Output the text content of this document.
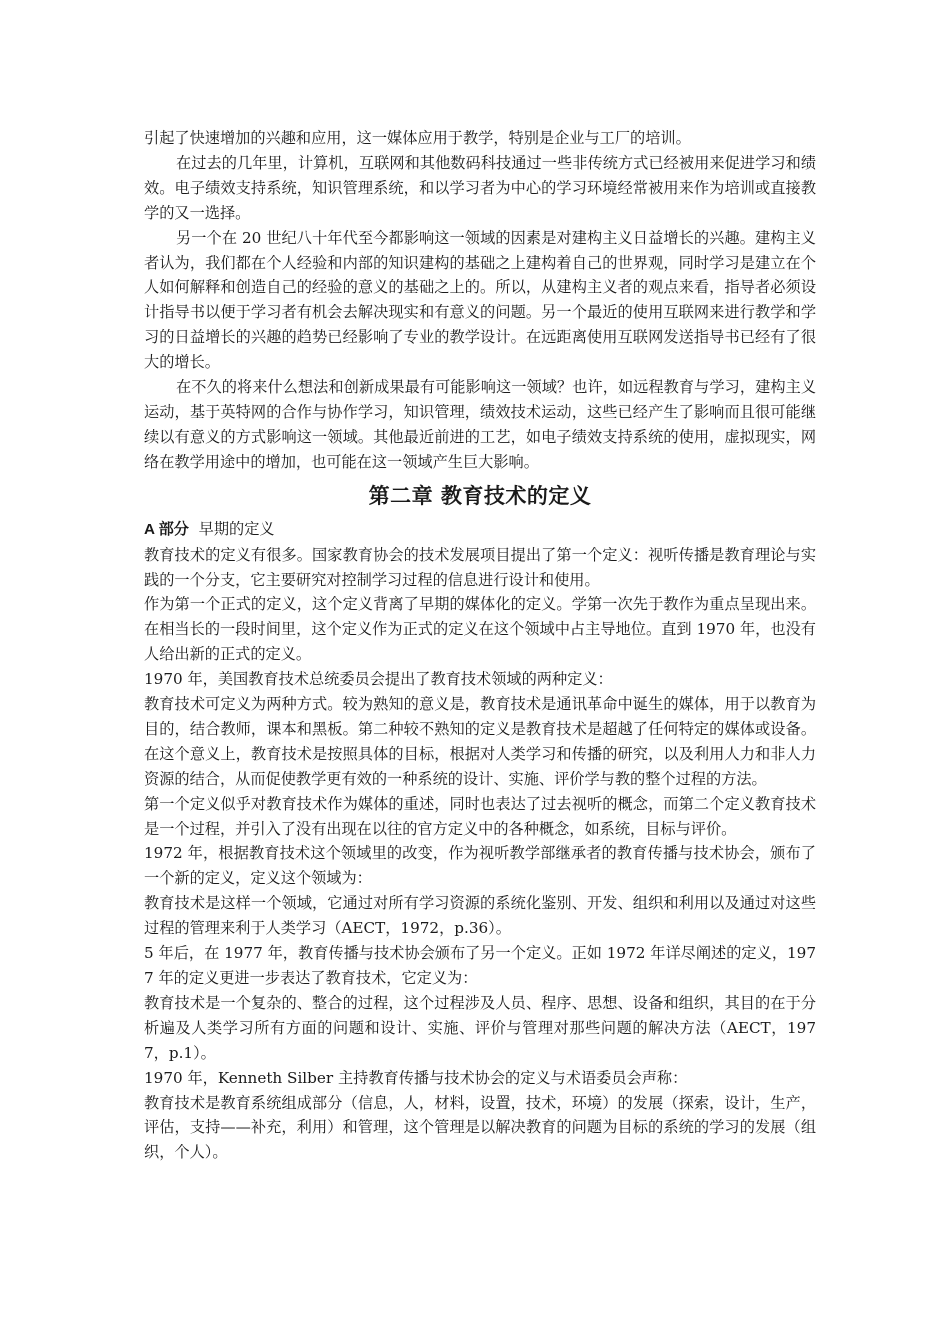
引起了快速增加的兴趣和应用，这一媒体应用于教学，特别是企业与工厂的培训。

在过去的几年里，计算机，互联网和其他数码科技通过一些非传统方式已经被用来促进学习和绩效。电子绩效支持系统，知识管理系统，和以学习者为中心的学习环境经常被用来作为培训或直接教学的又一选择。

另一个在 20 世纪八十年代至今都影响这一领域的因素是对建构主义日益增长的兴趣。建构主义者认为，我们都在个人经验和内部的知识建构的基础之上建构着自己的世界观，同时学习是建立在个人如何解释和创造自己的经验的意义的基础之上的。所以，从建构主义者的观点来看，指导者必须设计指导书以便于学习者有机会去解决现实和有意义的问题。另一个最近的使用互联网来进行教学和学习的日益增长的兴趣的趋势已经影响了专业的教学设计。在远距离使用互联网发送指导书已经有了很大的增长。

在不久的将来什么想法和创新成果最有可能影响这一领域？也许，如远程教育与学习，建构主义运动，基于英特网的合作与协作学习，知识管理，绩效技术运动，这些已经产生了影响而且很可能继续以有意义的方式影响这一领域。其他最近前进的工艺，如电子绩效支持系统的使用，虚拟现实，网络在教学用途中的增加，也可能在这一领域产生巨大影响。

第二章 教育技术的定义

A 部分 早期的定义

教育技术的定义有很多。国家教育协会的技术发展项目提出了第一个定义：视听传播是教育理论与实践的一个分支，它主要研究对控制学习过程的信息进行设计和使用。

作为第一个正式的定义，这个定义背离了早期的媒体化的定义。学第一次先于教作为重点呈现出来。在相当长的一段时间里，这个定义作为正式的定义在这个领域中占主导地位。直到 1970 年，也没有人给出新的正式的定义。

1970 年，美国教育技术总统委员会提出了教育技术领域的两种定义：

教育技术可定义为两种方式。较为熟知的意义是，教育技术是通讯革命中诞生的媒体，用于以教育为目的，结合教师，课本和黑板。第二种较不熟知的定义是教育技术是超越了任何特定的媒体或设备。在这个意义上，教育技术是按照具体的目标，根据对人类学习和传播的研究，以及利用人力和非人力资源的结合，从而促使教学更有效的一种系统的设计、实施、评价学与教的整个过程的方法。

第一个定义似乎对教育技术作为媒体的重述，同时也表达了过去视听的概念，而第二个定义教育技术是一个过程，并引入了没有出现在以往的官方定义中的各种概念，如系统，目标与评价。

1972 年，根据教育技术这个领域里的改变，作为视听教学部继承者的教育传播与技术协会，颁布了一个新的定义，定义这个领域为：

教育技术是这样一个领域，它通过对所有学习资源的系统化鉴别、开发、组织和利用以及通过对这些过程的管理来利于人类学习（AECT，1972，p.36）。

5 年后，在 1977 年，教育传播与技术协会颁布了另一个定义。正如 1972 年详尽阐述的定义，1977 年的定义更进一步表达了教育技术，它定义为：

教育技术是一个复杂的、整合的过程，这个过程涉及人员、程序、思想、设备和组织，其目的在于分析遍及人类学习所有方面的问题和设计、实施、评价与管理对那些问题的解决方法（AECT，1977，p.1）。

1970 年，Kenneth Silber 主持教育传播与技术协会的定义与术语委员会声称：

教育技术是教育系统组成部分（信息，人，材料，设置，技术，环境）的发展（探索，设计，生产，评估，支持——补充，利用）和管理，这个管理是以解决教育的问题为目标的系统的学习的发展（组织，个人）。
